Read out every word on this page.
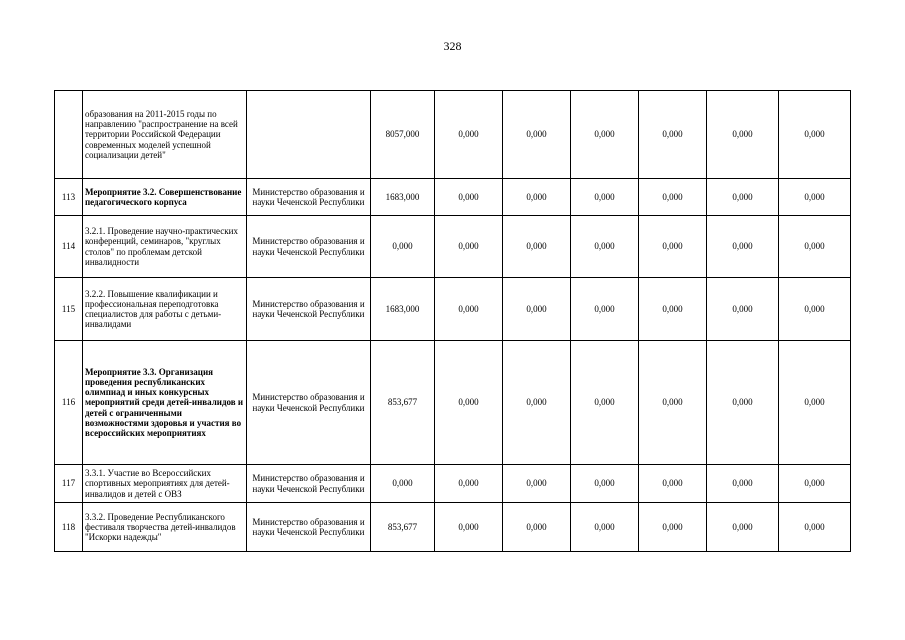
328
	образования на 2011-2015 годы по направлению "распространение на всей территории Российской Федерации современных моделей успешной социализации детей"		8057,000	0,000	0,000	0,000	0,000	0,000	0,000
113	Мероприятие 3.2. Совершенствование педагогического корпуса	Министерство образования и науки Чеченской Республики	1683,000	0,000	0,000	0,000	0,000	0,000	0,000
114	3.2.1. Проведение научно-практических конференций, семинаров, "круглых столов" по проблемам детской инвалидности	Министерство образования и науки Чеченской Республики	0,000	0,000	0,000	0,000	0,000	0,000	0,000
115	3.2.2. Повышение квалификации и профессиональная переподготовка специалистов для работы с детьми-инвалидами	Министерство образования и науки Чеченской Республики	1683,000	0,000	0,000	0,000	0,000	0,000	0,000
116	Мероприятие 3.3. Организация проведения республиканских олимпиад и иных конкурсных мероприятий среди детей-инвалидов и детей с ограниченными возможностями здоровья и участия во всероссийских мероприятиях	Министерство образования и науки Чеченской Республики	853,677	0,000	0,000	0,000	0,000	0,000	0,000
117	3.3.1. Участие во Всероссийских спортивных мероприятиях для детей-инвалидов и детей с ОВЗ	Министерство образования и науки Чеченской Республики	0,000	0,000	0,000	0,000	0,000	0,000	0,000
118	3.3.2. Проведение Республиканского фестиваля творчества детей-инвалидов "Искорки надежды"	Министерство образования и науки Чеченской Республики	853,677	0,000	0,000	0,000	0,000	0,000	0,000
